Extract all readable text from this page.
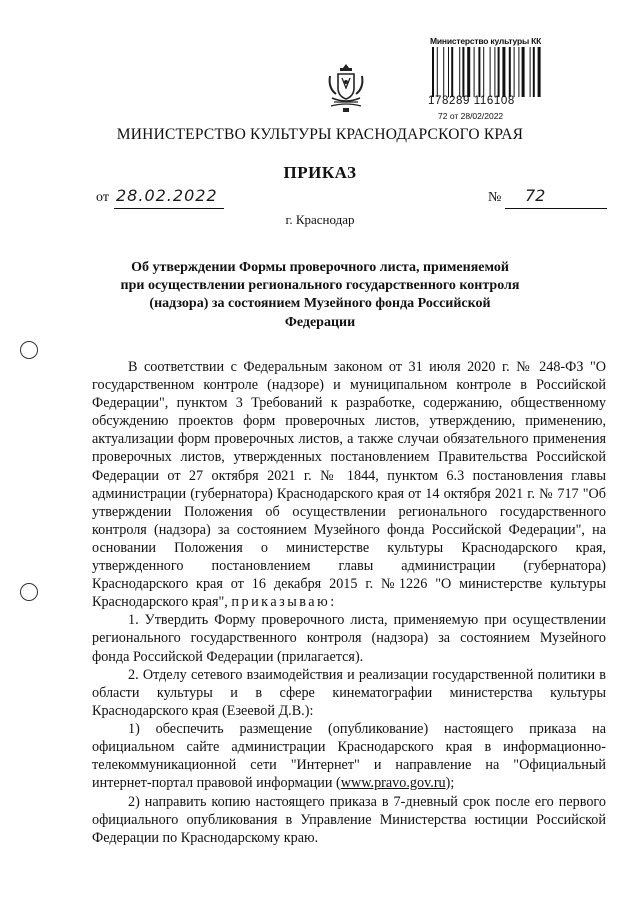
Министерство культуры КК
178289 116108
72 от 28/02/2022
МИНИСТЕРСТВО КУЛЬТУРЫ КРАСНОДАРСКОГО КРАЯ
ПРИКАЗ
от 28.02.2022	№ 72
г. Краснодар
Об утверждении Формы проверочного листа, применяемой при осуществлении регионального государственного контроля (надзора) за состоянием Музейного фонда Российской Федерации

В соответствии с Федеральным законом от 31 июля 2020 г. № 248-ФЗ "О государственном контроле (надзоре) и муниципальном контроле в Российской Федерации", пунктом 3 Требований к разработке, содержанию, общественному обсуждению проектов форм проверочных листов, утверждению, применению, актуализации форм проверочных листов, а также случаи обязательного применения проверочных листов, утвержденных постановлением Правительства Российской Федерации от 27 октября 2021 г. № 1844, пунктом 6.3 постановления главы администрации (губернатора) Краснодарского края от 14 октября 2021 г. № 717 "Об утверждении Положения об осуществлении регионального государственного контроля (надзора) за состоянием Музейного фонда Российской Федерации", на основании Положения о министерстве культуры Краснодарского края, утвержденного постановлением главы администрации (губернатора) Краснодарского края от 16 декабря 2015 г. №1226 "О министерстве культуры Краснодарского края", приказываю:

1. Утвердить Форму проверочного листа, применяемую при осуществлении регионального государственного контроля (надзора) за состоянием Музейного фонда Российской Федерации (прилагается).

2. Отделу сетевого взаимодействия и реализации государственной политики в области культуры и в сфере кинематографии министерства культуры Краснодарского края (Езеевой Д.В.):

1) обеспечить размещение (опубликование) настоящего приказа на официальном сайте администрации Краснодарского края в информационно-телекоммуникационной сети "Интернет" и направление на "Официальный интернет-портал правовой информации (www.pravo.gov.ru);

2) направить копию настоящего приказа в 7-дневный срок после его первого официального опубликования в Управление Министерства юстиции Российской Федерации по Краснодарскому краю.
